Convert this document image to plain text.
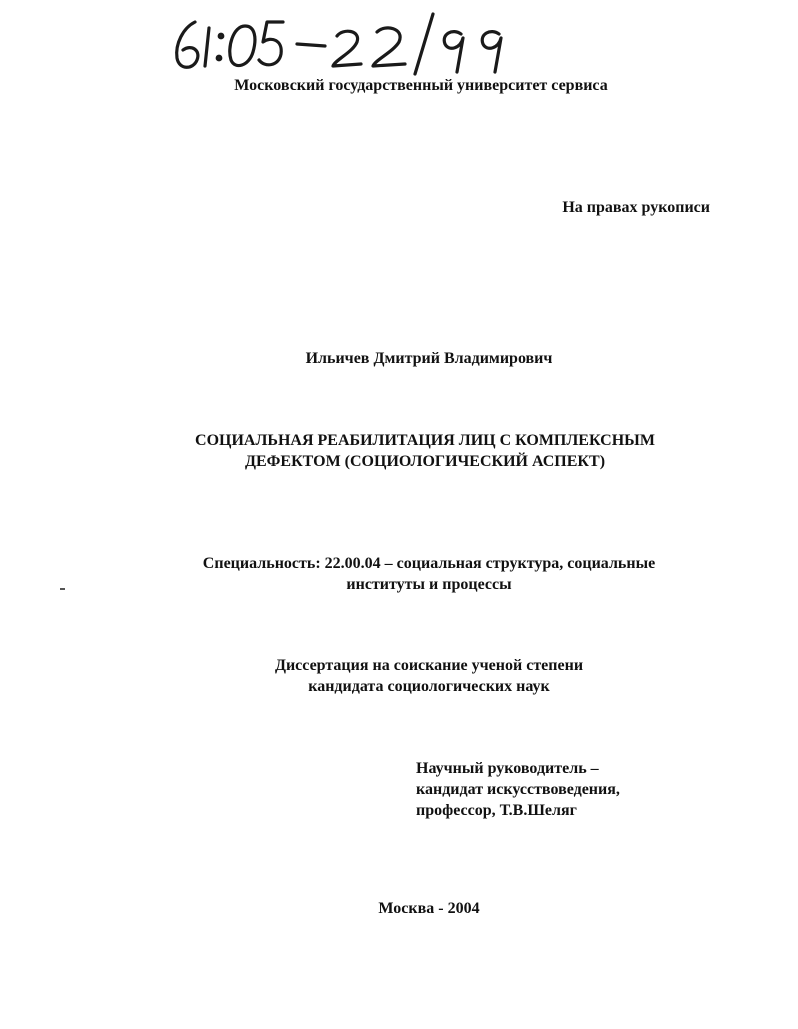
Московский государственный университет сервиса
На правах рукописи
Ильичев Дмитрий Владимирович
СОЦИАЛЬНАЯ РЕАБИЛИТАЦИЯ ЛИЦ С КОМПЛЕКСНЫМ
ДЕФЕКТОМ (СОЦИОЛОГИЧЕСКИЙ АСПЕКТ)
Специальность: 22.00.04 – социальная структура, социальные
институты и процессы
Диссертация на соискание ученой степени
кандидата социологических наук
Научный руководитель –
кандидат искусствоведения,
профессор, Т.В.Шеляг
Москва - 2004
